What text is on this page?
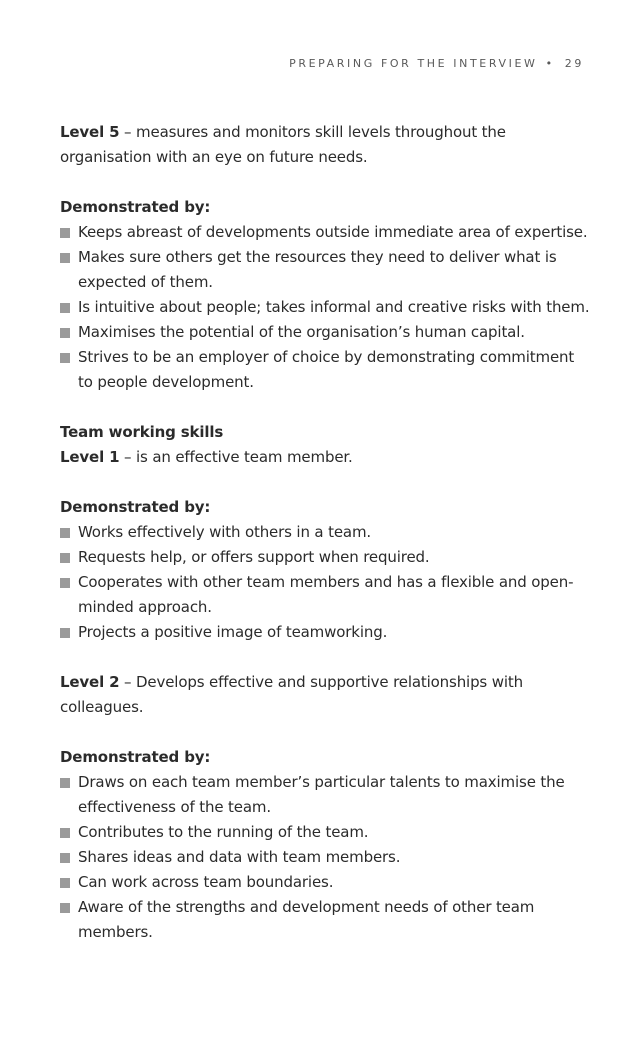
PREPARING FOR THE INTERVIEW • 29

Level 5 – measures and monitors skill levels throughout the organisation with an eye on future needs.

Demonstrated by:

Keeps abreast of developments outside immediate area of expertise.
Makes sure others get the resources they need to deliver what is expected of them.
Is intuitive about people; takes informal and creative risks with them.
Maximises the potential of the organisation’s human capital.
Strives to be an employer of choice by demonstrating commitment to people development.

Team working skills

Level 1 – is an effective team member.

Demonstrated by:

Works effectively with others in a team.
Requests help, or offers support when required.
Cooperates with other team members and has a flexible and open-minded approach.
Projects a positive image of teamworking.

Level 2 – Develops effective and supportive relationships with colleagues.

Demonstrated by:

Draws on each team member’s particular talents to maximise the effectiveness of the team.
Contributes to the running of the team.
Shares ideas and data with team members.
Can work across team boundaries.
Aware of the strengths and development needs of other team members.
